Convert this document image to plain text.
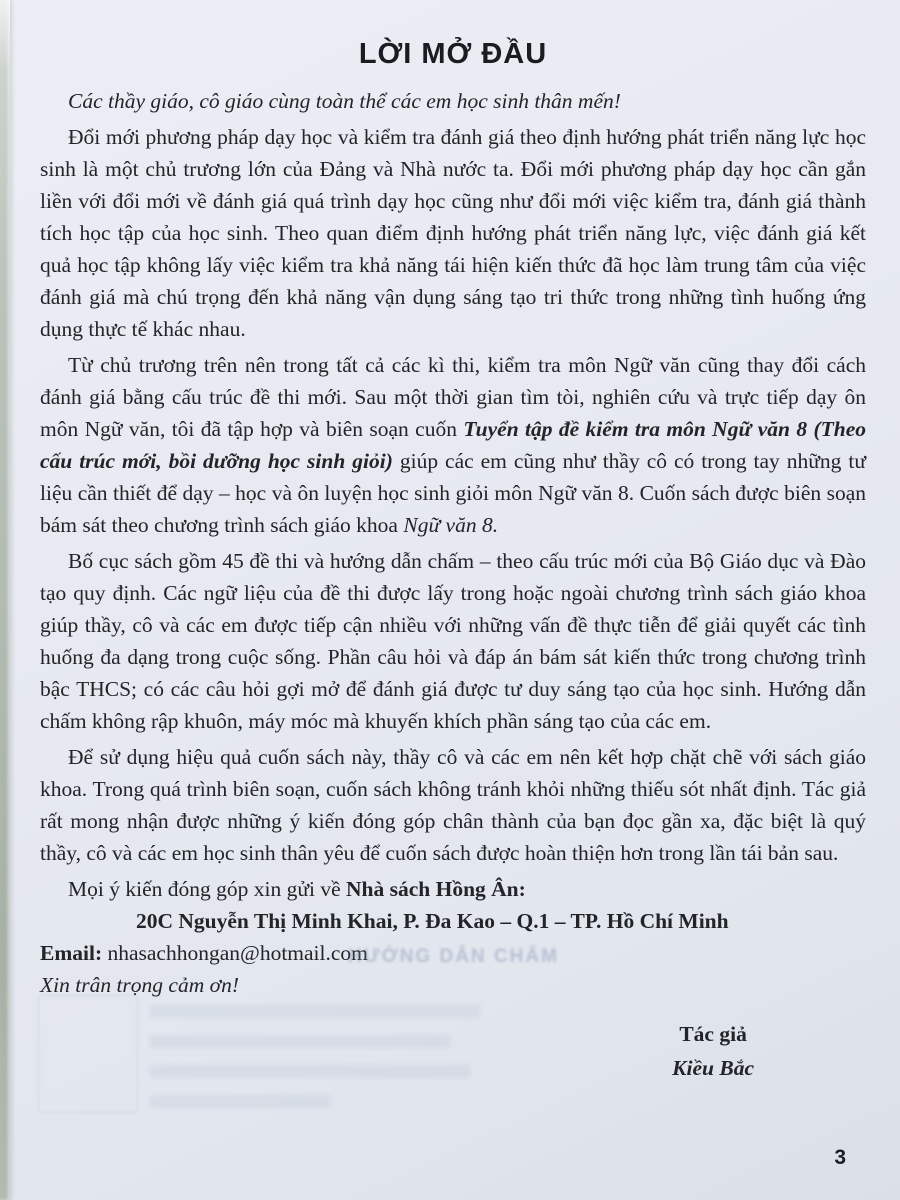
LỜI MỞ ĐẦU

Các thầy giáo, cô giáo cùng toàn thể các em học sinh thân mến!

Đổi mới phương pháp dạy học và kiểm tra đánh giá theo định hướng phát triển năng lực học sinh là một chủ trương lớn của Đảng và Nhà nước ta. Đổi mới phương pháp dạy học cần gắn liền với đổi mới về đánh giá quá trình dạy học cũng như đổi mới việc kiểm tra, đánh giá thành tích học tập của học sinh. Theo quan điểm định hướng phát triển năng lực, việc đánh giá kết quả học tập không lấy việc kiểm tra khả năng tái hiện kiến thức đã học làm trung tâm của việc đánh giá mà chú trọng đến khả năng vận dụng sáng tạo tri thức trong những tình huống ứng dụng thực tế khác nhau.

Từ chủ trương trên nên trong tất cả các kì thi, kiểm tra môn Ngữ văn cũng thay đổi cách đánh giá bằng cấu trúc đề thi mới. Sau một thời gian tìm tòi, nghiên cứu và trực tiếp dạy ôn môn Ngữ văn, tôi đã tập hợp và biên soạn cuốn Tuyển tập đề kiểm tra môn Ngữ văn 8 (Theo cấu trúc mới, bồi dưỡng học sinh giỏi) giúp các em cũng như thầy cô có trong tay những tư liệu cần thiết để dạy – học và ôn luyện học sinh giỏi môn Ngữ văn 8. Cuốn sách được biên soạn bám sát theo chương trình sách giáo khoa Ngữ văn 8.

Bố cục sách gồm 45 đề thi và hướng dẫn chấm – theo cấu trúc mới của Bộ Giáo dục và Đào tạo quy định. Các ngữ liệu của đề thi được lấy trong hoặc ngoài chương trình sách giáo khoa giúp thầy, cô và các em được tiếp cận nhiều với những vấn đề thực tiễn để giải quyết các tình huống đa dạng trong cuộc sống. Phần câu hỏi và đáp án bám sát kiến thức trong chương trình bậc THCS; có các câu hỏi gợi mở để đánh giá được tư duy sáng tạo của học sinh. Hướng dẫn chấm không rập khuôn, máy móc mà khuyến khích phần sáng tạo của các em.

Để sử dụng hiệu quả cuốn sách này, thầy cô và các em nên kết hợp chặt chẽ với sách giáo khoa. Trong quá trình biên soạn, cuốn sách không tránh khỏi những thiếu sót nhất định. Tác giả rất mong nhận được những ý kiến đóng góp chân thành của bạn đọc gần xa, đặc biệt là quý thầy, cô và các em học sinh thân yêu để cuốn sách được hoàn thiện hơn trong lần tái bản sau.

Mọi ý kiến đóng góp xin gửi về Nhà sách Hồng Ân:

20C Nguyễn Thị Minh Khai, P. Đa Kao – Q.1 – TP. Hồ Chí Minh

Email: nhasachhongan@hotmail.com

Xin trân trọng cảm ơn!

Tác giả
Kiều Bắc
HƯỚNG DẪN CHẤM
3
